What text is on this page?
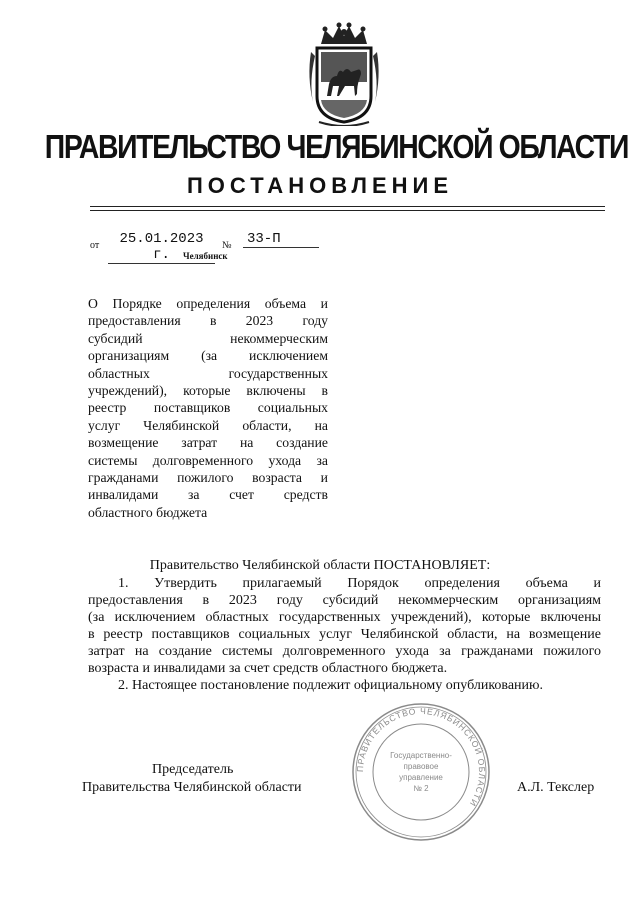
ПРАВИТЕЛЬСТВО ЧЕЛЯБИНСКОЙ ОБЛАСТИ
ПОСТАНОВЛЕНИЕ
от	25.01.2023 г.
№ 33-П
Челябинск
О Порядке определения объема и
предоставления в 2023 году
субсидий некоммерческим
организациям (за исключением
областных государственных
учреждений), которые включены в
реестр поставщиков социальных
услуг Челябинской области, на
возмещение затрат на создание
системы долговременного ухода за
гражданами пожилого возраста и
инвалидами за счет средств
областного бюджета
Правительство Челябинской области ПОСТАНОВЛЯЕТ:
1. Утвердить прилагаемый Порядок определения объема и
предоставления в 2023 году субсидий некоммерческим организациям
(за исключением областных государственных учреждений), которые включены
в реестр поставщиков социальных услуг Челябинской области, на возмещение
затрат на создание системы долговременного ухода за гражданами пожилого
возраста и инвалидами за счет средств областного бюджета.
2. Настоящее постановление подлежит официальному опубликованию.
ПРАВИТЕЛЬСТВО ЧЕЛЯБИНСКОЙ ОБЛАСТИ
Государственно-
правовое
управление
№ 2
Председатель
Правительства Челябинской области	А.Л. Текслер
